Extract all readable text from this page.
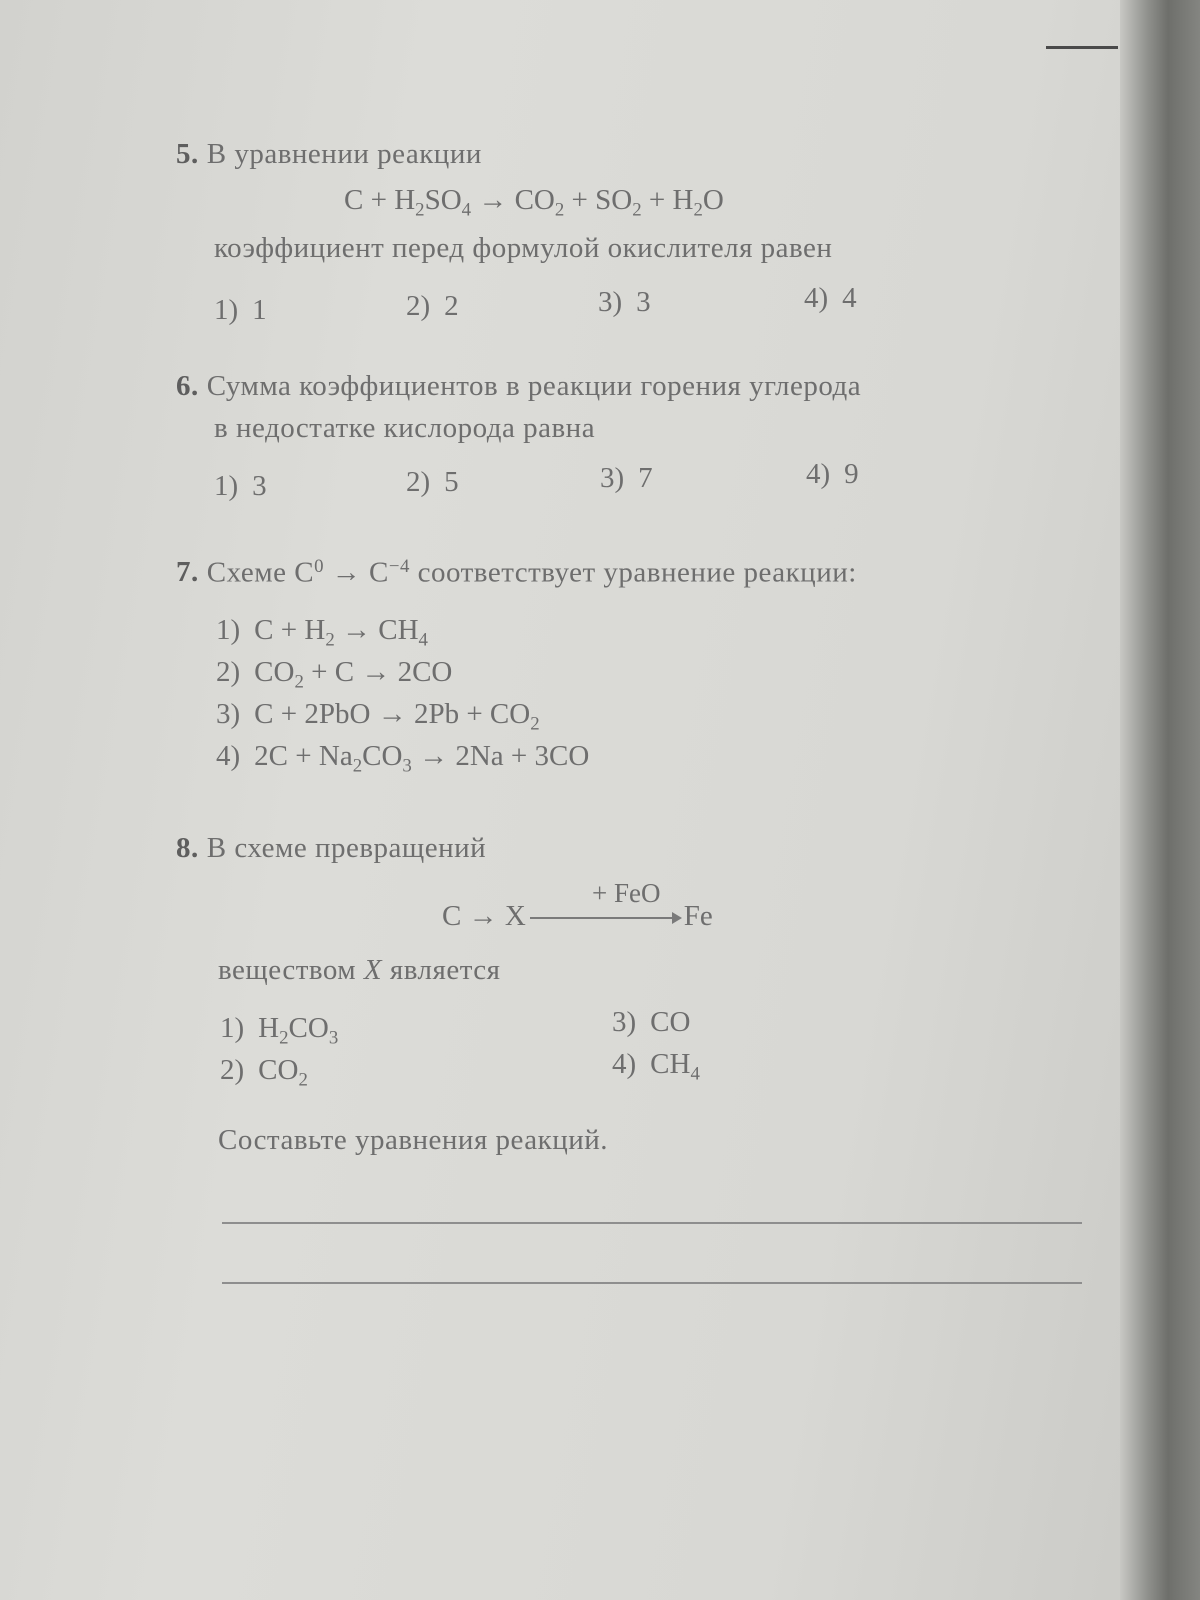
5. В уравнении реакции
$C + H_2SO_4 \to CO_2 + SO_2 + H_2O$
коэффициент перед формулой окислителя равен
1) 1	2) 2	3) 3	4) 4
6. Сумма коэффициентов в реакции горения углерода
в недостатке кислорода равна
1) 3	2) 5	3) 7	4) 9
7. Схеме $C^0 \to C^{-4}$ соответствует уравнение реакции:
1) $C + H_2 \to CH_4$
2) $CO_2 + C \to 2CO$
3) $C + 2PbO \to 2Pb + CO_2$
4) $2C + Na_2CO_3 \to 2Na + 3CO$
8. В схеме превращений
+ FeO
C → X	Fe
веществом X является
1) $H_2CO_3$
2) $CO_2$
3) CO
4) $CH_4$
Составьте уравнения реакций.
